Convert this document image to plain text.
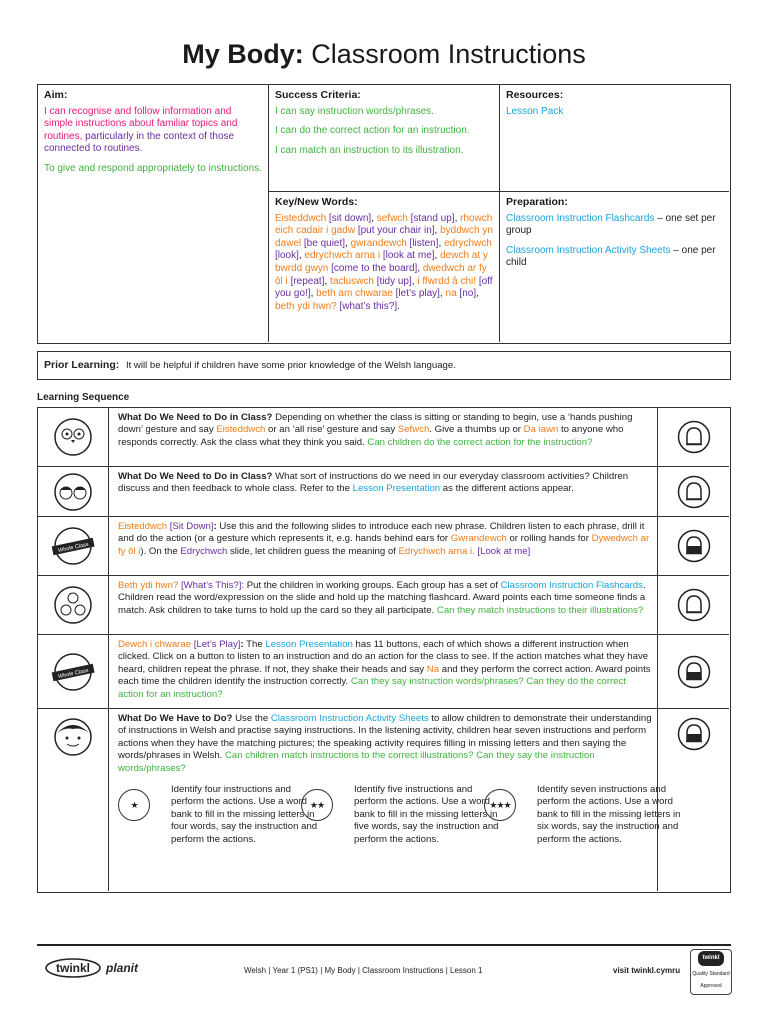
My Body: Classroom Instructions
Aim:

I can recognise and follow information and simple instructions about familiar topics and routines, particularly in the context of those connected to routines.

To give and respond appropriately to instructions.

Success Criteria:

I can say instruction words/phrases.

I can do the correct action for an instruction.

I can match an instruction to its illustration.

Resources:

Lesson Pack

Key/New Words:

Eisteddwch [sit down], sefwch [stand up], rhowch eich cadair i gadw [put your chair in], byddwch yn dawel [be quiet], gwrandewch [listen], edrychwch [look], edrychwch arna i [look at me], dewch at y bwrdd gwyn [come to the board], dwedwch ar fy ôl i [repeat], tacluswch [tidy up], i ffwrdd â chi! [off you go!], beth am chwarae [let’s play], na [no], beth ydi hwn? [what’s this?].

Preparation:

Classroom Instruction Flashcards – one set per group

Classroom Instruction Activity Sheets – one per child

Prior Learning: It will be helpful if children have some prior knowledge of the Welsh language.
Learning Sequence
What Do We Need to Do in Class? Depending on whether the class is sitting or standing to begin, use a ‘hands pushing down’ gesture and say Eisteddwch or an ‘all rise’ gesture and say Sefwch. Give a thumbs up or Da iawn to anyone who responds correctly. Ask the class what they think you said. Can children do the correct action for the instruction?
What Do We Need to Do in Class? What sort of instructions do we need in our everyday classroom activities? Children discuss and then feedback to whole class. Refer to the Lesson Presentation as the different actions appear.
Whole Class
Eisteddwch [Sit Down]: Use this and the following slides to introduce each new phrase. Children listen to each phrase, drill it and do the action (or a gesture which represents it, e.g. hands behind ears for Gwrandewch or rolling hands for Dywedwch ar fy ôl i). On the Edrychwch slide, let children guess the meaning of Edrychwch arna i. [Look at me]
Beth ydi hwn? [What’s This?]: Put the children in working groups. Each group has a set of Classroom Instruction Flashcards. Children read the word/expression on the slide and hold up the matching flashcard. Award points each time someone finds a match. Ask children to take turns to hold up the card so they all participate. Can they match instructions to their illustrations?
Whole Class
Dewch i chwarae [Let’s Play]: The Lesson Presentation has 11 buttons, each of which shows a different instruction when clicked. Click on a button to listen to an instruction and do an action for the class to see. If the action matches what they have heard, children repeat the phrase. If not, they shake their heads and say Na and they perform the correct action. Award points each time the children identify the instruction correctly. Can they say instruction words/phrases? Can they do the correct action for an instruction?
What Do We Have to Do? Use the Classroom Instruction Activity Sheets to allow children to demonstrate their understanding of instructions in Welsh and practise saying instructions. In the listening activity, children hear seven instructions and perform actions when they have the matching pictures; the speaking activity requires filling in missing letters and then saying the words/phrases in Welsh. Can children match instructions to the correct illustrations? Can they say the instruction words/phrases?
★
Identify four instructions and perform the actions. Use a word bank to fill in the missing letters in four words, say the instruction and perform the actions.
★★
Identify five instructions and perform the actions. Use a word bank to fill in the missing letters in five words, say the instruction and perform the actions.
★★★
Identify seven instructions and perform the actions. Use a word bank to fill in the missing letters in six words, say the instruction and perform the actions.
twinkl planit	Welsh | Year 1 (PS1) | My Body | Classroom Instructions | Lesson 1	visit twinkl.cymru
twinkl
Quality Standard Approved
